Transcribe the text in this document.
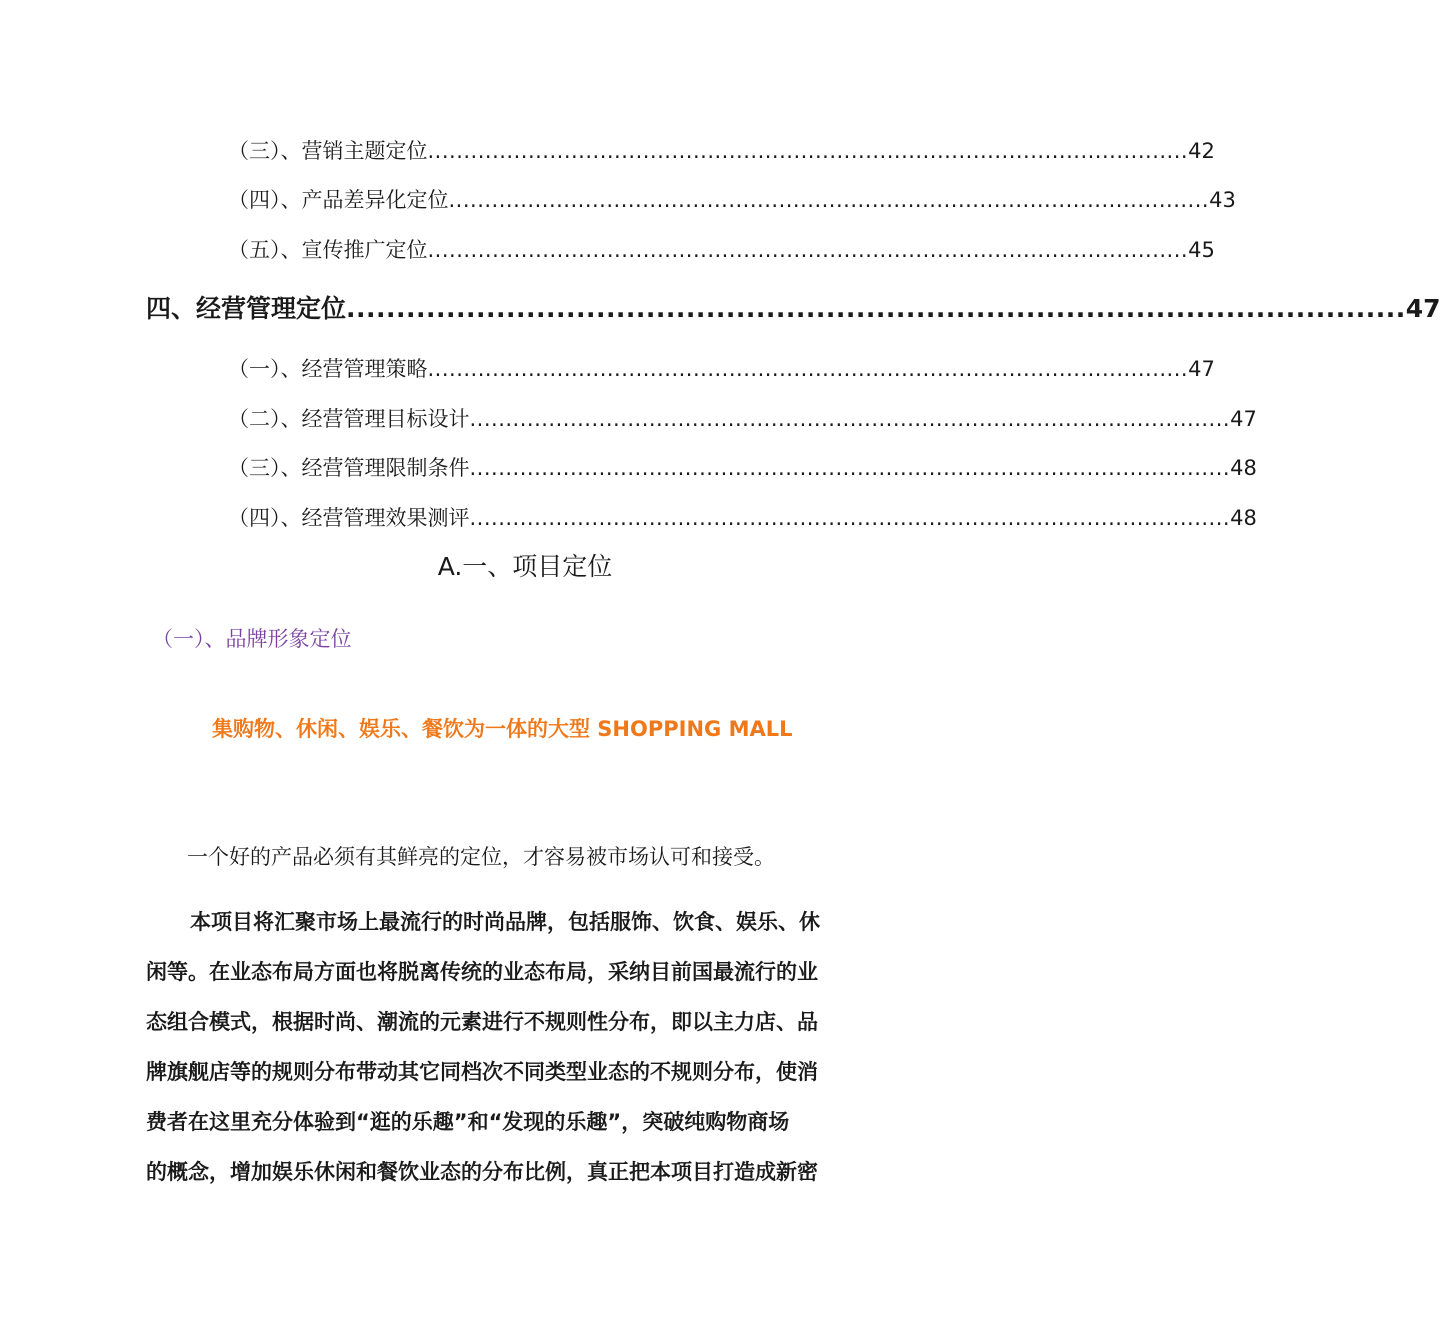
（三）、营销主题定位 .......................................................................................................... 42
（四）、产品差异化定位 .......................................................................................................... 43
（五）、宣传推广定位 .......................................................................................................... 45
四、经营管理定位 .......................................................................................................... 47
（一）、经营管理策略 .......................................................................................................... 47
（二）、经营管理目标设计 .......................................................................................................... 47
（三）、经营管理限制条件 .......................................................................................................... 48
（四）、经营管理效果测评 .......................................................................................................... 48
A.一、项目定位
（一）、品牌形象定位
集购物、休闲、娱乐、餐饮为一体的大型 SHOPPING MALL
一个好的产品必须有其鲜亮的定位，才容易被市场认可和接受。
本项目将汇聚市场上最流行的时尚品牌，包括服饰、饮食、娱乐、休
闲等。在业态布局方面也将脱离传统的业态布局，采纳目前国最流行的业
态组合模式，根据时尚、潮流的元素进行不规则性分布，即以主力店、品
牌旗舰店等的规则分布带动其它同档次不同类型业态的不规则分布，使消
费者在这里充分体验到“逛的乐趣”和“发现的乐趣”，突破纯购物商场
的概念，增加娱乐休闲和餐饮业态的分布比例，真正把本项目打造成新密
